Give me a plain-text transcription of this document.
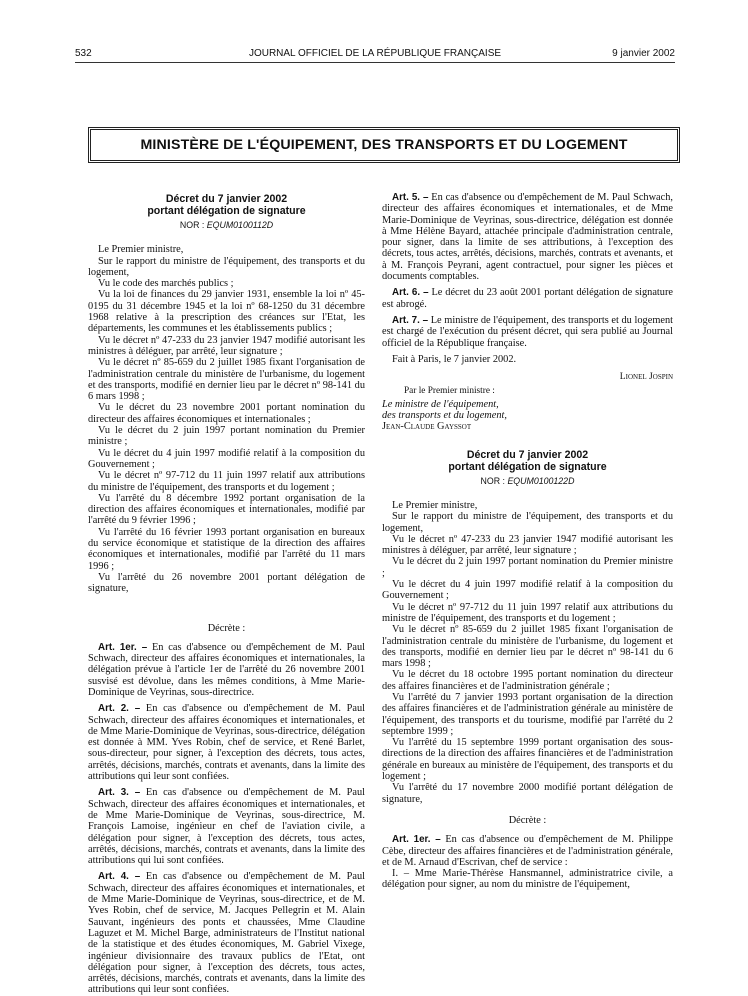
532	JOURNAL OFFICIEL DE LA RÉPUBLIQUE FRANÇAISE	9 janvier 2002
MINISTÈRE DE L'ÉQUIPEMENT, DES TRANSPORTS ET DU LOGEMENT
Décret du 7 janvier 2002
portant délégation de signature
NOR : EQUM0100112D

Le Premier ministre,

Sur le rapport du ministre de l'équipement, des transports et du logement,

Vu le code des marchés publics ;

Vu la loi de finances du 29 janvier 1931, ensemble la loi nº 45-0195 du 31 décembre 1945 et la loi nº 68-1250 du 31 décembre 1968 relative à la prescription des créances sur l'Etat, les départements, les communes et les établissements publics ;

Vu le décret nº 47-233 du 23 janvier 1947 modifié autorisant les ministres à déléguer, par arrêté, leur signature ;

Vu le décret nº 85-659 du 2 juillet 1985 fixant l'organisation de l'administration centrale du ministère de l'urbanisme, du logement et des transports, modifié en dernier lieu par le décret nº 98-141 du 6 mars 1998 ;

Vu le décret du 23 novembre 2001 portant nomination du directeur des affaires économiques et internationales ;

Vu le décret du 2 juin 1997 portant nomination du Premier ministre ;

Vu le décret du 4 juin 1997 modifié relatif à la composition du Gouvernement ;

Vu le décret nº 97-712 du 11 juin 1997 relatif aux attributions du ministre de l'équipement, des transports et du logement ;

Vu l'arrêté du 8 décembre 1992 portant organisation de la direction des affaires économiques et internationales, modifié par l'arrêté du 9 février 1996 ;

Vu l'arrêté du 16 février 1993 portant organisation en bureaux du service économique et statistique de la direction des affaires économiques et internationales, modifié par l'arrêté du 11 mars 1996 ;

Vu l'arrêté du 26 novembre 2001 portant délégation de signature,

Décrète :

Art. 1er. – En cas d'absence ou d'empêchement de M. Paul Schwach, directeur des affaires économiques et internationales, la délégation prévue à l'article 1er de l'arrêté du 26 novembre 2001 susvisé est dévolue, dans les mêmes conditions, à Mme Marie-Dominique de Veyrinas, sous-directrice.

Art. 2. – En cas d'absence ou d'empêchement de M. Paul Schwach, directeur des affaires économiques et internationales, et de Mme Marie-Dominique de Veyrinas, sous-directrice, délégation est donnée à MM. Yves Robin, chef de service, et René Barlet, sous-directeur, pour signer, à l'exception des décrets, tous actes, arrêtés, décisions, marchés, contrats et avenants, dans la limite des attributions qui leur sont confiées.

Art. 3. – En cas d'absence ou d'empêchement de M. Paul Schwach, directeur des affaires économiques et internationales, et de Mme Marie-Dominique de Veyrinas, sous-directrice, M. François Lamoise, ingénieur en chef de l'aviation civile, a délégation pour signer, à l'exception des décrets, tous actes, arrêtés, décisions, marchés, contrats et avenants, dans la limite des attributions qui lui sont confiées.

Art. 4. – En cas d'absence ou d'empêchement de M. Paul Schwach, directeur des affaires économiques et internationales, et de Mme Marie-Dominique de Veyrinas, sous-directrice, et de M. Yves Robin, chef de service, M. Jacques Pellegrin et M. Alain Sauvant, ingénieurs des ponts et chaussées, Mme Claudine Laguzet et M. Michel Barge, administrateurs de l'Institut national de la statistique et des études économiques, M. Gabriel Vixege, ingénieur divisionnaire des travaux publics de l'Etat, ont délégation pour signer, à l'exception des décrets, tous actes, arrêtés, décisions, marchés, contrats et avenants, dans la limite des attributions qui leur sont confiées.

Art. 5. – En cas d'absence ou d'empêchement de M. Paul Schwach, directeur des affaires économiques et internationales, et de Mme Marie-Dominique de Veyrinas, sous-directrice, délégation est donnée à Mme Hélène Bayard, attachée principale d'administration centrale, pour signer, dans la limite de ses attributions, à l'exception des décrets, tous actes, arrêtés, décisions, marchés, contrats et avenants, et à M. François Peyrani, agent contractuel, pour signer les pièces et documents comptables.

Art. 6. – Le décret du 23 août 2001 portant délégation de signature est abrogé.

Art. 7. – Le ministre de l'équipement, des transports et du logement est chargé de l'exécution du présent décret, qui sera publié au Journal officiel de la République française.

Fait à Paris, le 7 janvier 2002.

Lionel Jospin
Par le Premier ministre :
Le ministre de l'équipement,
des transports et du logement,
Jean-Claude Gayssot
Décret du 7 janvier 2002
portant délégation de signature
NOR : EQUM0100122D

Le Premier ministre,

Sur le rapport du ministre de l'équipement, des transports et du logement,

Vu le décret nº 47-233 du 23 janvier 1947 modifié autorisant les ministres à déléguer, par arrêté, leur signature ;

Vu le décret du 2 juin 1997 portant nomination du Premier ministre ;

Vu le décret du 4 juin 1997 modifié relatif à la composition du Gouvernement ;

Vu le décret nº 97-712 du 11 juin 1997 relatif aux attributions du ministre de l'équipement, des transports et du logement ;

Vu le décret nº 85-659 du 2 juillet 1985 fixant l'organisation de l'administration centrale du ministère de l'urbanisme, du logement et des transports, modifié en dernier lieu par le décret nº 98-141 du 6 mars 1998 ;

Vu le décret du 18 octobre 1995 portant nomination du directeur des affaires financières et de l'administration générale ;

Vu l'arrêté du 7 janvier 1993 portant organisation de la direction des affaires financières et de l'administration générale au ministère de l'équipement, des transports et du tourisme, modifié par l'arrêté du 2 septembre 1999 ;

Vu l'arrêté du 15 septembre 1999 portant organisation des sous-directions de la direction des affaires financières et de l'administration générale en bureaux au ministère de l'équipement, des transports et du logement ;

Vu l'arrêté du 17 novembre 2000 modifié portant délégation de signature,

Décrète :

Art. 1er. – En cas d'absence ou d'empêchement de M. Philippe Cèbe, directeur des affaires financières et de l'administration générale, et de M. Arnaud d'Escrivan, chef de service :

I. – Mme Marie-Thérèse Hansmannel, administratrice civile, a délégation pour signer, au nom du ministre de l'équipement,
